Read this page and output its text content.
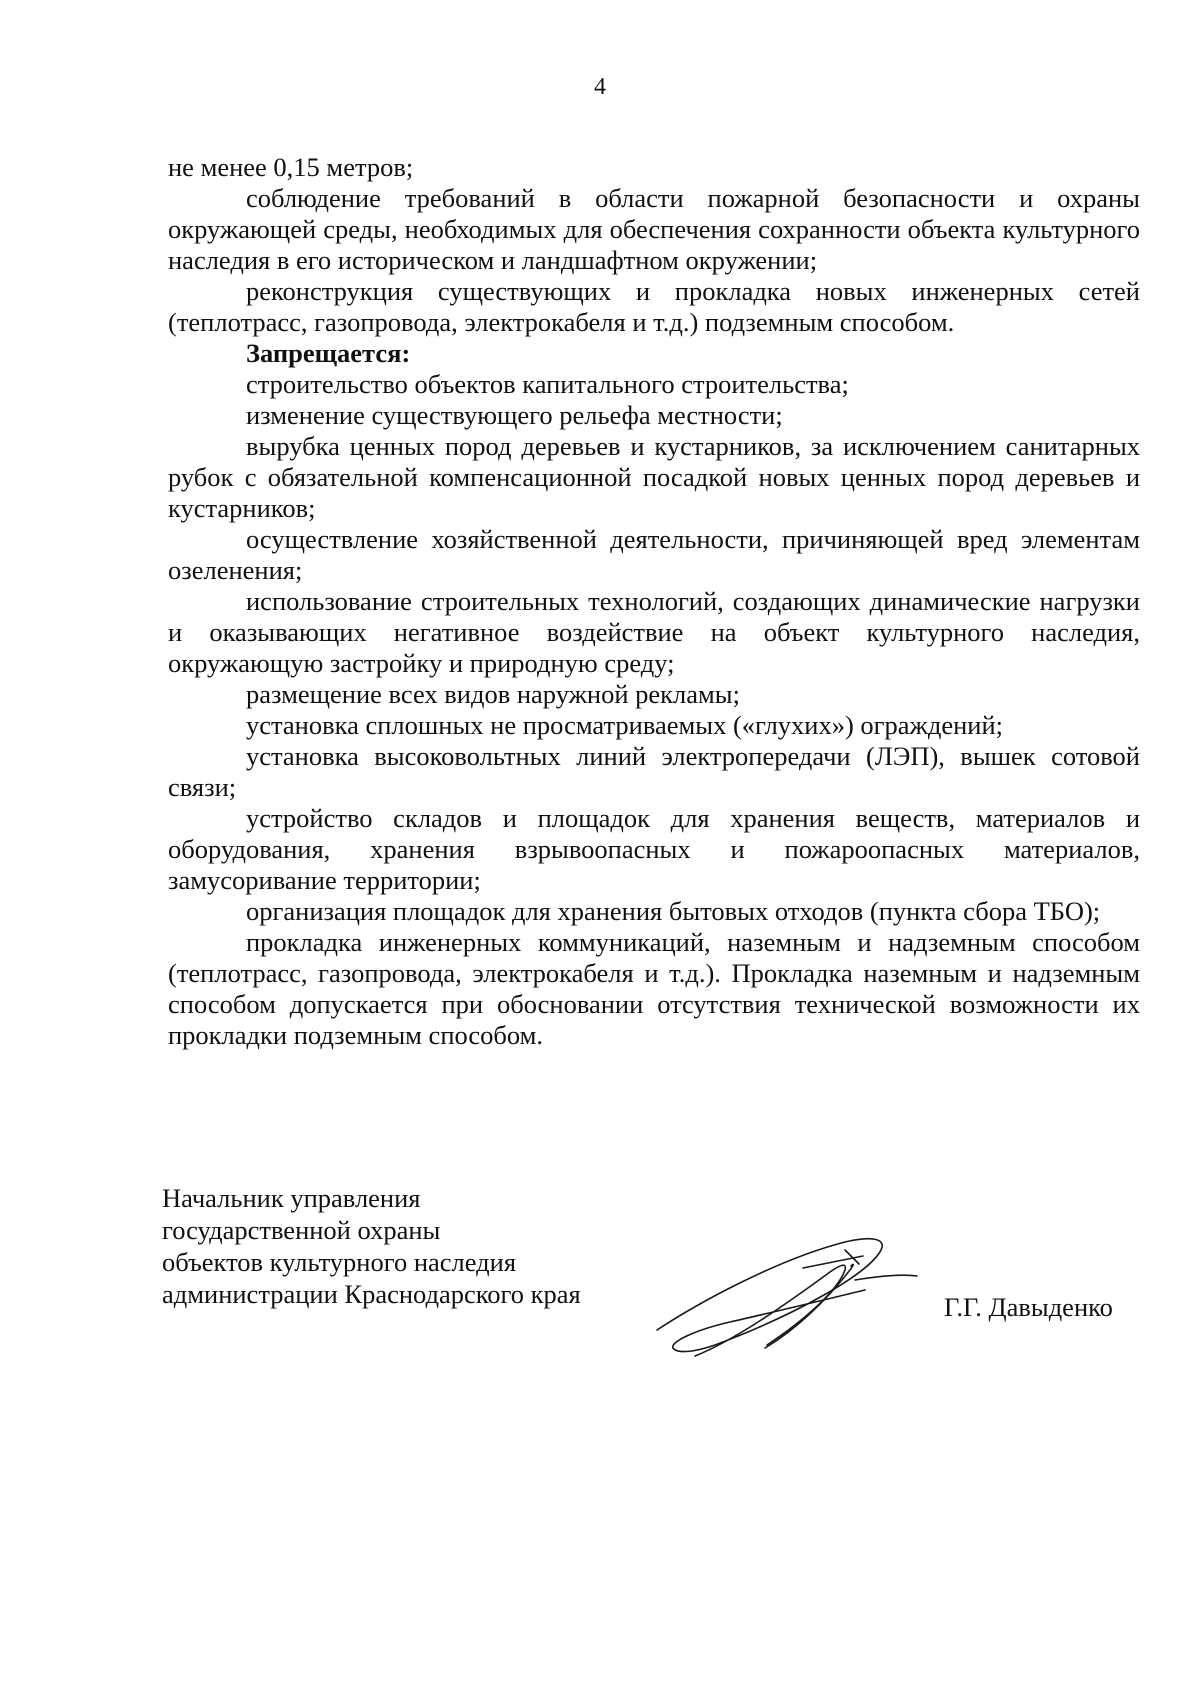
4

не менее 0,15 метров;

соблюдение требований в области пожарной безопасности и охраны окружающей среды, необходимых для обеспечения сохранности объекта культурного наследия в его историческом и ландшафтном окружении;

реконструкция существующих и прокладка новых инженерных сетей (теплотрасс, газопровода, электрокабеля и т.д.) подземным способом.

Запрещается:

строительство объектов капитального строительства;

изменение существующего рельефа местности;

вырубка ценных пород деревьев и кустарников, за исключением санитарных рубок с обязательной компенсационной посадкой новых ценных пород деревьев и кустарников;

осуществление хозяйственной деятельности, причиняющей вред элементам озеленения;

использование строительных технологий, создающих динамические нагрузки и оказывающих негативное воздействие на объект культурного наследия, окружающую застройку и природную среду;

размещение всех видов наружной рекламы;

установка сплошных не просматриваемых («глухих») ограждений;

установка высоковольтных линий электропередачи (ЛЭП), вышек сотовой связи;

устройство складов и площадок для хранения веществ, материалов и оборудования, хранения взрывоопасных и пожароопасных материалов, замусоривание территории;

организация площадок для хранения бытовых отходов (пункта сбора ТБО);

прокладка инженерных коммуникаций, наземным и надземным способом (теплотрасс, газопровода, электрокабеля и т.д.). Прокладка наземным и надземным способом допускается при обосновании отсутствия технической возможности их прокладки подземным способом.

Начальник управления
государственной охраны
объектов культурного наследия
администрации Краснодарского края	Г.Г. Давыденко
